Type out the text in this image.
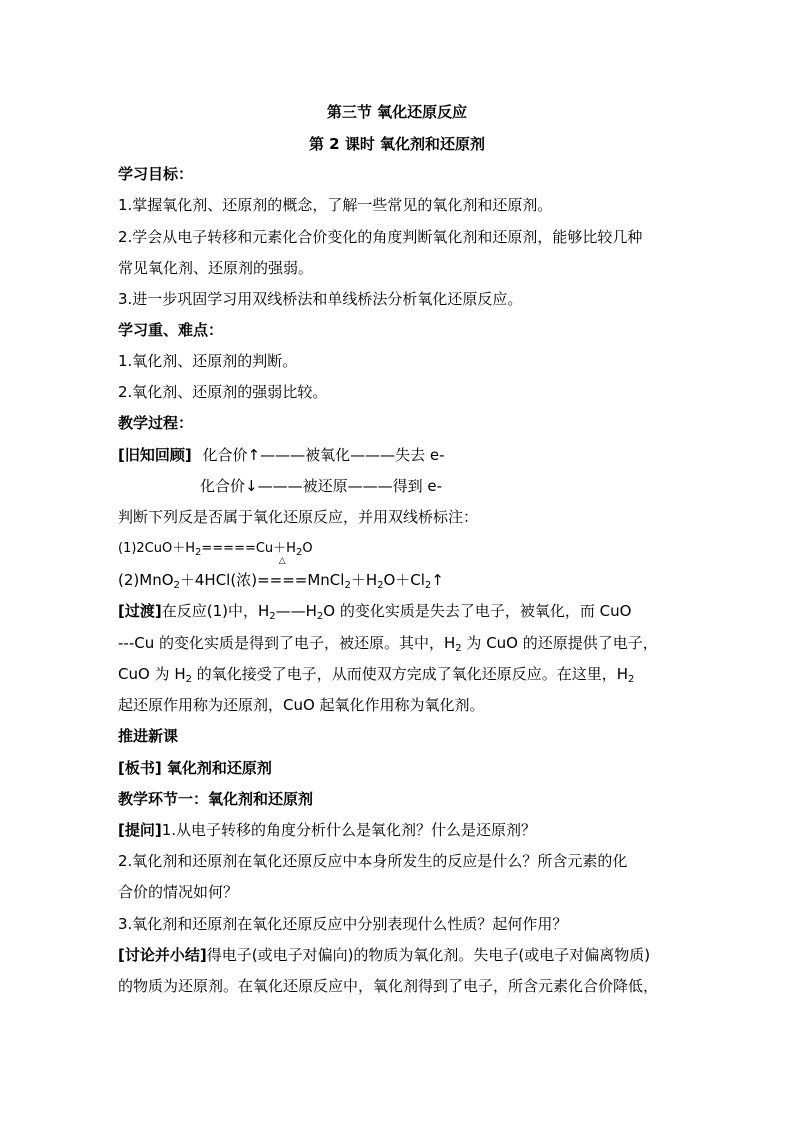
第三节 氧化还原反应
第 2 课时 氧化剂和还原剂
学习目标：
1.掌握氧化剂、还原剂的概念，了解一些常见的氧化剂和还原剂。
2.学会从电子转移和元素化合价变化的角度判断氧化剂和还原剂，能够比较几种
常见氧化剂、还原剂的强弱。
3.进一步巩固学习用双线桥法和单线桥法分析氧化还原反应。
学习重、难点：
1.氧化剂、还原剂的判断。
2.氧化剂、还原剂的强弱比较。
教学过程：
[旧知回顾] 化合价↑———被氧化———失去 e-
化合价↓———被还原———得到 e-
判断下列反是否属于氧化还原反应，并用双线桥标注：
$(1)2CuO+H_2=====Cu+H_2O$
(2)MnO$_2$＋4HCl(浓)
△
$====MnCl_2+H_2O+Cl_2↑$
[过渡]在反应(1)中，$H_2——H_2O$ 的变化实质是失去了电子，被氧化，而 CuO
---Cu 的变化实质是得到了电子，被还原。其中，$H_2$ 为 CuO 的还原提供了电子，
CuO 为 $H_2$ 的氧化接受了电子，从而使双方完成了氧化还原反应。在这里，$H_2$
起还原作用称为还原剂，CuO 起氧化作用称为氧化剂。
推进新课
[板书] 氧化剂和还原剂
教学环节一：氧化剂和还原剂
[提问]1.从电子转移的角度分析什么是氧化剂？什么是还原剂？
2.氧化剂和还原剂在氧化还原反应中本身所发生的反应是什么？所含元素的化
合价的情况如何？
3.氧化剂和还原剂在氧化还原反应中分别表现什么性质？起何作用？
[讨论并小结]得电子(或电子对偏向)的物质为氧化剂。失电子(或电子对偏离物质)
的物质为还原剂。在氧化还原反应中，氧化剂得到了电子，所含元素化合价降低，
